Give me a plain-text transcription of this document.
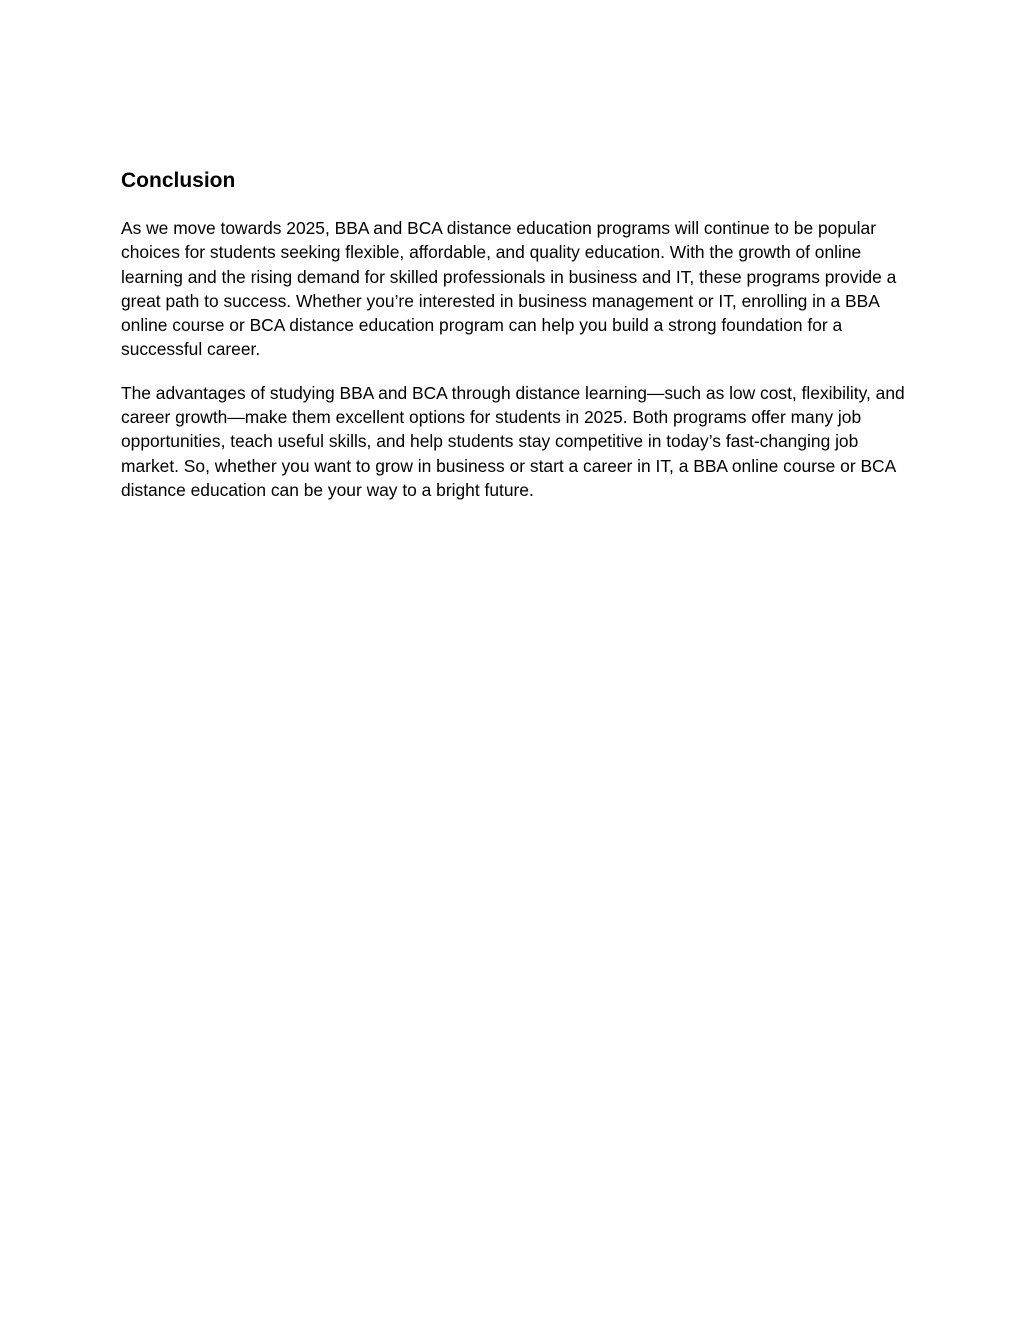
Conclusion

As we move towards 2025, BBA and BCA distance education programs will continue to be popular choices for students seeking flexible, affordable, and quality education. With the growth of online learning and the rising demand for skilled professionals in business and IT, these programs provide a great path to success. Whether you’re interested in business management or IT, enrolling in a BBA online course or BCA distance education program can help you build a strong foundation for a successful career.

The advantages of studying BBA and BCA through distance learning—such as low cost, flexibility, and career growth—make them excellent options for students in 2025. Both programs offer many job opportunities, teach useful skills, and help students stay competitive in today’s fast-changing job market. So, whether you want to grow in business or start a career in IT, a BBA online course or BCA distance education can be your way to a bright future.
